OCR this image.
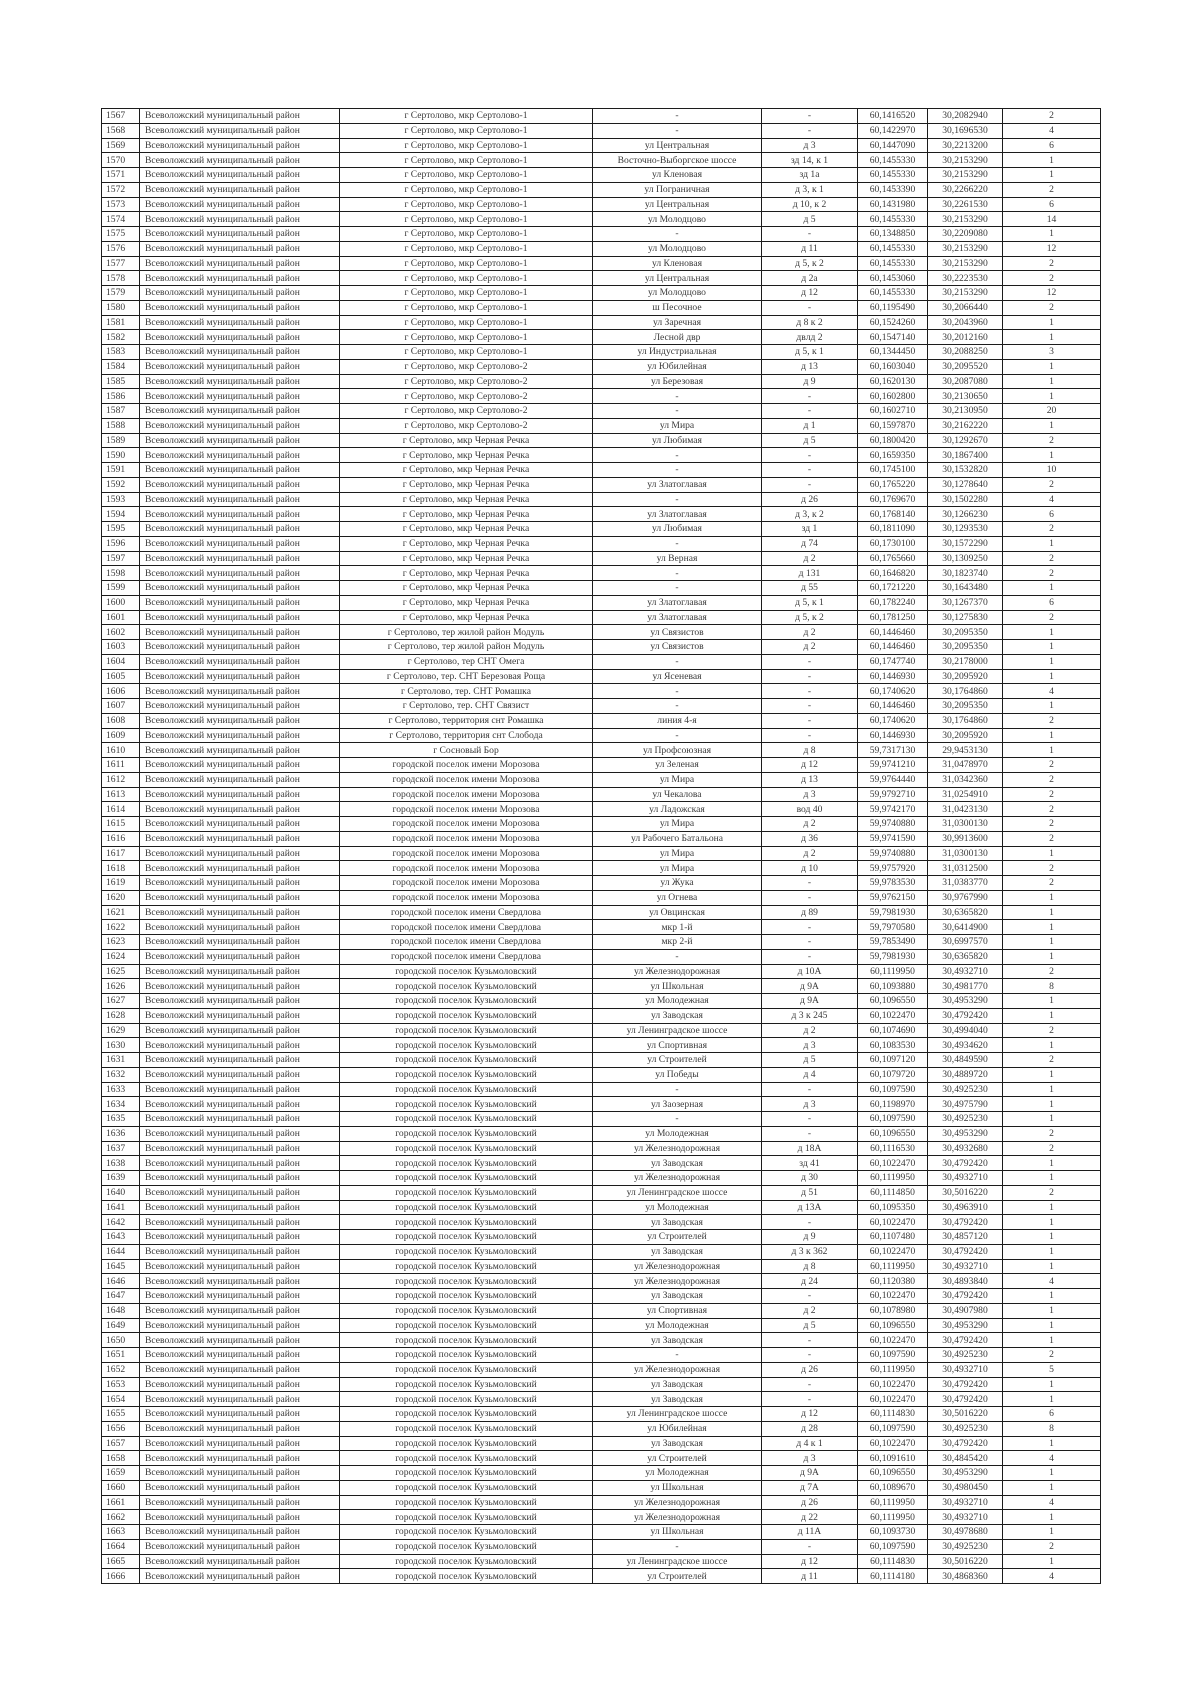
1567	Всеволожский муниципальный район	г Сертолово, мкр Сертолово-1	-	-	60,1416520	30,2082940	2
1568	Всеволожский муниципальный район	г Сертолово, мкр Сертолово-1	-	-	60,1422970	30,1696530	4
1569	Всеволожский муниципальный район	г Сертолово, мкр Сертолово-1	ул Центральная	д 3	60,1447090	30,2213200	6
1570	Всеволожский муниципальный район	г Сертолово, мкр Сертолово-1	Восточно-Выборгское шоссе	зд 14, к 1	60,1455330	30,2153290	1
1571	Всеволожский муниципальный район	г Сертолово, мкр Сертолово-1	ул Кленовая	зд 1а	60,1455330	30,2153290	1
1572	Всеволожский муниципальный район	г Сертолово, мкр Сертолово-1	ул Пограничная	д 3, к 1	60,1453390	30,2266220	2
1573	Всеволожский муниципальный район	г Сертолово, мкр Сертолово-1	ул Центральная	д 10, к 2	60,1431980	30,2261530	6
1574	Всеволожский муниципальный район	г Сертолово, мкр Сертолово-1	ул Молодцово	д 5	60,1455330	30,2153290	14
1575	Всеволожский муниципальный район	г Сертолово, мкр Сертолово-1	-	-	60,1348850	30,2209080	1
1576	Всеволожский муниципальный район	г Сертолово, мкр Сертолово-1	ул Молодцово	д 11	60,1455330	30,2153290	12
1577	Всеволожский муниципальный район	г Сертолово, мкр Сертолово-1	ул Кленовая	д 5, к 2	60,1455330	30,2153290	2
1578	Всеволожский муниципальный район	г Сертолово, мкр Сертолово-1	ул Центральная	д 2а	60,1453060	30,2223530	2
1579	Всеволожский муниципальный район	г Сертолово, мкр Сертолово-1	ул Молодцово	д 12	60,1455330	30,2153290	12
1580	Всеволожский муниципальный район	г Сертолово, мкр Сертолово-1	ш Песочное	-	60,1195490	30,2066440	2
1581	Всеволожский муниципальный район	г Сертолово, мкр Сертолово-1	ул Заречная	д 8 к 2	60,1524260	30,2043960	1
1582	Всеволожский муниципальный район	г Сертолово, мкр Сертолово-1	Лесной двр	двлд 2	60,1547140	30,2012160	1
1583	Всеволожский муниципальный район	г Сертолово, мкр Сертолово-1	ул Индустриальная	д 5, к 1	60,1344450	30,2088250	3
1584	Всеволожский муниципальный район	г Сертолово, мкр Сертолово-2	ул Юбилейная	д 13	60,1603040	30,2095520	1
1585	Всеволожский муниципальный район	г Сертолово, мкр Сертолово-2	ул Березовая	д 9	60,1620130	30,2087080	1
1586	Всеволожский муниципальный район	г Сертолово, мкр Сертолово-2	-	-	60,1602800	30,2130650	1
1587	Всеволожский муниципальный район	г Сертолово, мкр Сертолово-2	-	-	60,1602710	30,2130950	20
1588	Всеволожский муниципальный район	г Сертолово, мкр Сертолово-2	ул Мира	д 1	60,1597870	30,2162220	1
1589	Всеволожский муниципальный район	г Сертолово, мкр Черная Речка	ул Любимая	д 5	60,1800420	30,1292670	2
1590	Всеволожский муниципальный район	г Сертолово, мкр Черная Речка	-	-	60,1659350	30,1867400	1
1591	Всеволожский муниципальный район	г Сертолово, мкр Черная Речка	-	-	60,1745100	30,1532820	10
1592	Всеволожский муниципальный район	г Сертолово, мкр Черная Речка	ул Златоглавая	-	60,1765220	30,1278640	2
1593	Всеволожский муниципальный район	г Сертолово, мкр Черная Речка	-	д 26	60,1769670	30,1502280	4
1594	Всеволожский муниципальный район	г Сертолово, мкр Черная Речка	ул Златоглавая	д 3, к 2	60,1768140	30,1266230	6
1595	Всеволожский муниципальный район	г Сертолово, мкр Черная Речка	ул Любимая	зд 1	60,1811090	30,1293530	2
1596	Всеволожский муниципальный район	г Сертолово, мкр Черная Речка	-	д 74	60,1730100	30,1572290	1
1597	Всеволожский муниципальный район	г Сертолово, мкр Черная Речка	ул Верная	д 2	60,1765660	30,1309250	2
1598	Всеволожский муниципальный район	г Сертолово, мкр Черная Речка	-	д 131	60,1646820	30,1823740	2
1599	Всеволожский муниципальный район	г Сертолово, мкр Черная Речка	-	д 55	60,1721220	30,1643480	1
1600	Всеволожский муниципальный район	г Сертолово, мкр Черная Речка	ул Златоглавая	д 5, к 1	60,1782240	30,1267370	6
1601	Всеволожский муниципальный район	г Сертолово, мкр Черная Речка	ул Златоглавая	д 5, к 2	60,1781250	30,1275830	2
1602	Всеволожский муниципальный район	г Сертолово, тер жилой район Модуль	ул Связистов	д 2	60,1446460	30,2095350	1
1603	Всеволожский муниципальный район	г Сертолово, тер жилой район Модуль	ул Связистов	д 2	60,1446460	30,2095350	1
1604	Всеволожский муниципальный район	г Сертолово, тер СНТ Омега	-	-	60,1747740	30,2178000	1
1605	Всеволожский муниципальный район	г Сертолово, тер. СНТ Березовая Роща	ул Ясеневая	-	60,1446930	30,2095920	1
1606	Всеволожский муниципальный район	г Сертолово, тер. СНТ Ромашка	-	-	60,1740620	30,1764860	4
1607	Всеволожский муниципальный район	г Сертолово, тер. СНТ Связист	-	-	60,1446460	30,2095350	1
1608	Всеволожский муниципальный район	г Сертолово, территория снт Ромашка	линия 4-я	-	60,1740620	30,1764860	2
1609	Всеволожский муниципальный район	г Сертолово, территория снт Слобода	-	-	60,1446930	30,2095920	1
1610	Всеволожский муниципальный район	г Сосновый Бор	ул Профсоюзная	д 8	59,7317130	29,9453130	1
1611	Всеволожский муниципальный район	городской поселок имени Морозова	ул Зеленая	д 12	59,9741210	31,0478970	2
1612	Всеволожский муниципальный район	городской поселок имени Морозова	ул Мира	д 13	59,9764440	31,0342360	2
1613	Всеволожский муниципальный район	городской поселок имени Морозова	ул Чекалова	д 3	59,9792710	31,0254910	2
1614	Всеволожский муниципальный район	городской поселок имени Морозова	ул Ладожская	вод 40	59,9742170	31,0423130	2
1615	Всеволожский муниципальный район	городской поселок имени Морозова	ул Мира	д 2	59,9740880	31,0300130	2
1616	Всеволожский муниципальный район	городской поселок имени Морозова	ул Рабочего Батальона	д 36	59,9741590	30,9913600	2
1617	Всеволожский муниципальный район	городской поселок имени Морозова	ул Мира	д 2	59,9740880	31,0300130	1
1618	Всеволожский муниципальный район	городской поселок имени Морозова	ул Мира	д 10	59,9757920	31,0312500	2
1619	Всеволожский муниципальный район	городской поселок имени Морозова	ул Жука	-	59,9783530	31,0383770	2
1620	Всеволожский муниципальный район	городской поселок имени Морозова	ул Огнева	-	59,9762150	30,9767990	1
1621	Всеволожский муниципальный район	городской поселок имени Свердлова	ул Овцинская	д 89	59,7981930	30,6365820	1
1622	Всеволожский муниципальный район	городской поселок имени Свердлова	мкр 1-й	-	59,7970580	30,6414900	1
1623	Всеволожский муниципальный район	городской поселок имени Свердлова	мкр 2-й	-	59,7853490	30,6997570	1
1624	Всеволожский муниципальный район	городской поселок имени Свердлова	-	-	59,7981930	30,6365820	1
1625	Всеволожский муниципальный район	городской поселок Кузьмоловский	ул Железнодорожная	д 10А	60,1119950	30,4932710	2
1626	Всеволожский муниципальный район	городской поселок Кузьмоловский	ул Школьная	д 9А	60,1093880	30,4981770	8
1627	Всеволожский муниципальный район	городской поселок Кузьмоловский	ул Молодежная	д 9А	60,1096550	30,4953290	1
1628	Всеволожский муниципальный район	городской поселок Кузьмоловский	ул Заводская	д 3 к 245	60,1022470	30,4792420	1
1629	Всеволожский муниципальный район	городской поселок Кузьмоловский	ул Ленинградское шоссе	д 2	60,1074690	30,4994040	2
1630	Всеволожский муниципальный район	городской поселок Кузьмоловский	ул Спортивная	д 3	60,1083530	30,4934620	1
1631	Всеволожский муниципальный район	городской поселок Кузьмоловский	ул Строителей	д 5	60,1097120	30,4849590	2
1632	Всеволожский муниципальный район	городской поселок Кузьмоловский	ул Победы	д 4	60,1079720	30,4889720	1
1633	Всеволожский муниципальный район	городской поселок Кузьмоловский	-	-	60,1097590	30,4925230	1
1634	Всеволожский муниципальный район	городской поселок Кузьмоловский	ул Заозерная	д 3	60,1198970	30,4975790	1
1635	Всеволожский муниципальный район	городской поселок Кузьмоловский	-	-	60,1097590	30,4925230	1
1636	Всеволожский муниципальный район	городской поселок Кузьмоловский	ул Молодежная	-	60,1096550	30,4953290	2
1637	Всеволожский муниципальный район	городской поселок Кузьмоловский	ул Железнодорожная	д 18А	60,1116530	30,4932680	2
1638	Всеволожский муниципальный район	городской поселок Кузьмоловский	ул Заводская	зд 41	60,1022470	30,4792420	1
1639	Всеволожский муниципальный район	городской поселок Кузьмоловский	ул Железнодорожная	д 30	60,1119950	30,4932710	1
1640	Всеволожский муниципальный район	городской поселок Кузьмоловский	ул Ленинградское шоссе	д 51	60,1114850	30,5016220	2
1641	Всеволожский муниципальный район	городской поселок Кузьмоловский	ул Молодежная	д 13А	60,1095350	30,4963910	1
1642	Всеволожский муниципальный район	городской поселок Кузьмоловский	ул Заводская	-	60,1022470	30,4792420	1
1643	Всеволожский муниципальный район	городской поселок Кузьмоловский	ул Строителей	д 9	60,1107480	30,4857120	1
1644	Всеволожский муниципальный район	городской поселок Кузьмоловский	ул Заводская	д 3 к 362	60,1022470	30,4792420	1
1645	Всеволожский муниципальный район	городской поселок Кузьмоловский	ул Железнодорожная	д 8	60,1119950	30,4932710	1
1646	Всеволожский муниципальный район	городской поселок Кузьмоловский	ул Железнодорожная	д 24	60,1120380	30,4893840	4
1647	Всеволожский муниципальный район	городской поселок Кузьмоловский	ул Заводская	-	60,1022470	30,4792420	1
1648	Всеволожский муниципальный район	городской поселок Кузьмоловский	ул Спортивная	д 2	60,1078980	30,4907980	1
1649	Всеволожский муниципальный район	городской поселок Кузьмоловский	ул Молодежная	д 5	60,1096550	30,4953290	1
1650	Всеволожский муниципальный район	городской поселок Кузьмоловский	ул Заводская	-	60,1022470	30,4792420	1
1651	Всеволожский муниципальный район	городской поселок Кузьмоловский	-	-	60,1097590	30,4925230	2
1652	Всеволожский муниципальный район	городской поселок Кузьмоловский	ул Железнодорожная	д 26	60,1119950	30,4932710	5
1653	Всеволожский муниципальный район	городской поселок Кузьмоловский	ул Заводская	-	60,1022470	30,4792420	1
1654	Всеволожский муниципальный район	городской поселок Кузьмоловский	ул Заводская	-	60,1022470	30,4792420	1
1655	Всеволожский муниципальный район	городской поселок Кузьмоловский	ул Ленинградское шоссе	д 12	60,1114830	30,5016220	6
1656	Всеволожский муниципальный район	городской поселок Кузьмоловский	ул Юбилейная	д 28	60,1097590	30,4925230	8
1657	Всеволожский муниципальный район	городской поселок Кузьмоловский	ул Заводская	д 4 к 1	60,1022470	30,4792420	1
1658	Всеволожский муниципальный район	городской поселок Кузьмоловский	ул Строителей	д 3	60,1091610	30,4845420	4
1659	Всеволожский муниципальный район	городской поселок Кузьмоловский	ул Молодежная	д 9А	60,1096550	30,4953290	1
1660	Всеволожский муниципальный район	городской поселок Кузьмоловский	ул Школьная	д 7А	60,1089670	30,4980450	1
1661	Всеволожский муниципальный район	городской поселок Кузьмоловский	ул Железнодорожная	д 26	60,1119950	30,4932710	4
1662	Всеволожский муниципальный район	городской поселок Кузьмоловский	ул Железнодорожная	д 22	60,1119950	30,4932710	1
1663	Всеволожский муниципальный район	городской поселок Кузьмоловский	ул Школьная	д 11А	60,1093730	30,4978680	1
1664	Всеволожский муниципальный район	городской поселок Кузьмоловский	-	-	60,1097590	30,4925230	2
1665	Всеволожский муниципальный район	городской поселок Кузьмоловский	ул Ленинградское шоссе	д 12	60,1114830	30,5016220	1
1666	Всеволожский муниципальный район	городской поселок Кузьмоловский	ул Строителей	д 11	60,1114180	30,4868360	4
